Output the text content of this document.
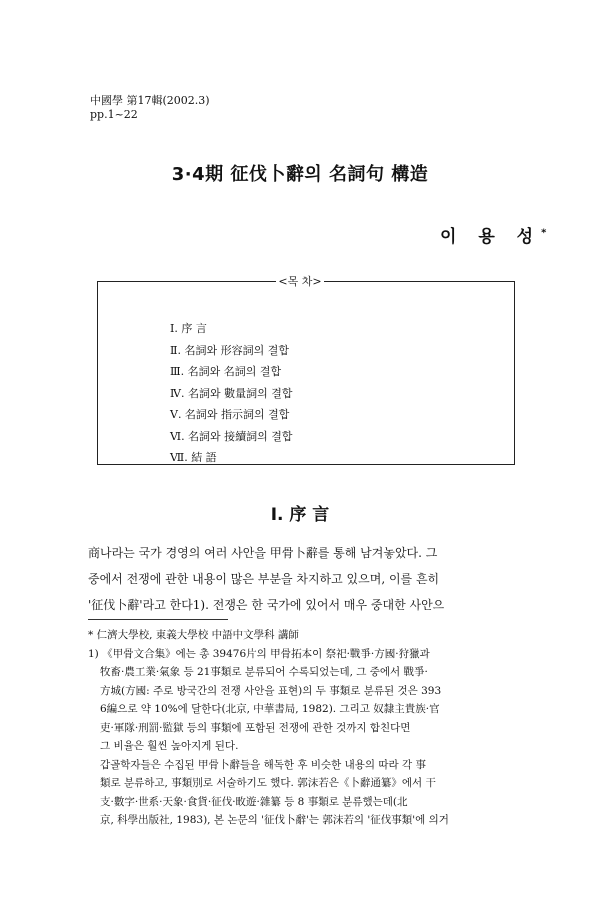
中國學 第17輯(2002.3)
pp.1~22
3·4期 征伐卜辭의 名詞句 構造
이 용 성*
<목 차>
Ⅰ. 序 言
Ⅱ. 名詞와 形容詞의 결합
Ⅲ. 名詞와 名詞의 결합
Ⅳ. 名詞와 數量詞의 결합
Ⅴ. 名詞와 指示詞의 결합
Ⅵ. 名詞와 接續詞의 결합
Ⅶ. 結 語
Ⅰ. 序 言

商나라는 국가 경영의 여러 사안을 甲骨卜辭를 통해 남겨놓았다. 그

중에서 전쟁에 관한 내용이 많은 부분을 차지하고 있으며, 이를 흔히

'征伐卜辭'라고 한다1). 전쟁은 한 국가에 있어서 매우 중대한 사안으

* 仁濟大學校, 東義大學校 中語中文學科 講師
1) 《甲骨文合集》에는 총 39476片의 甲骨拓本이 祭祀·戰爭·方國·狩獵과
牧畜·農工業·氣象 등 21事類로 분류되어 수록되었는데, 그 중에서 戰爭·
方城(方國: 주로 방국간의 전쟁 사안을 표현)의 두 事類로 분류된 것은 393
6編으로 약 10%에 달한다(北京, 中華書局, 1982). 그리고 奴隸主貴族·官
吏·軍隊·刑罰·監獄 등의 事類에 포함된 전쟁에 관한 것까지 합친다면
그 비율은 훨씬 높아지게 된다.
갑골학자들은 수집된 甲骨卜辭들을 해독한 후 비슷한 내용의 따라 각 事
類로 분류하고, 事類別로 서술하기도 했다. 郭沫若은《卜辭通纂》에서 干
支·數字·世系·天象·食貨·征伐·畋遊·雜纂 등 8 事類로 분류했는데(北
京, 科學出版社, 1983), 본 논문의 '征伐卜辭'는 郭沫若의 '征伐事類'에 의거
